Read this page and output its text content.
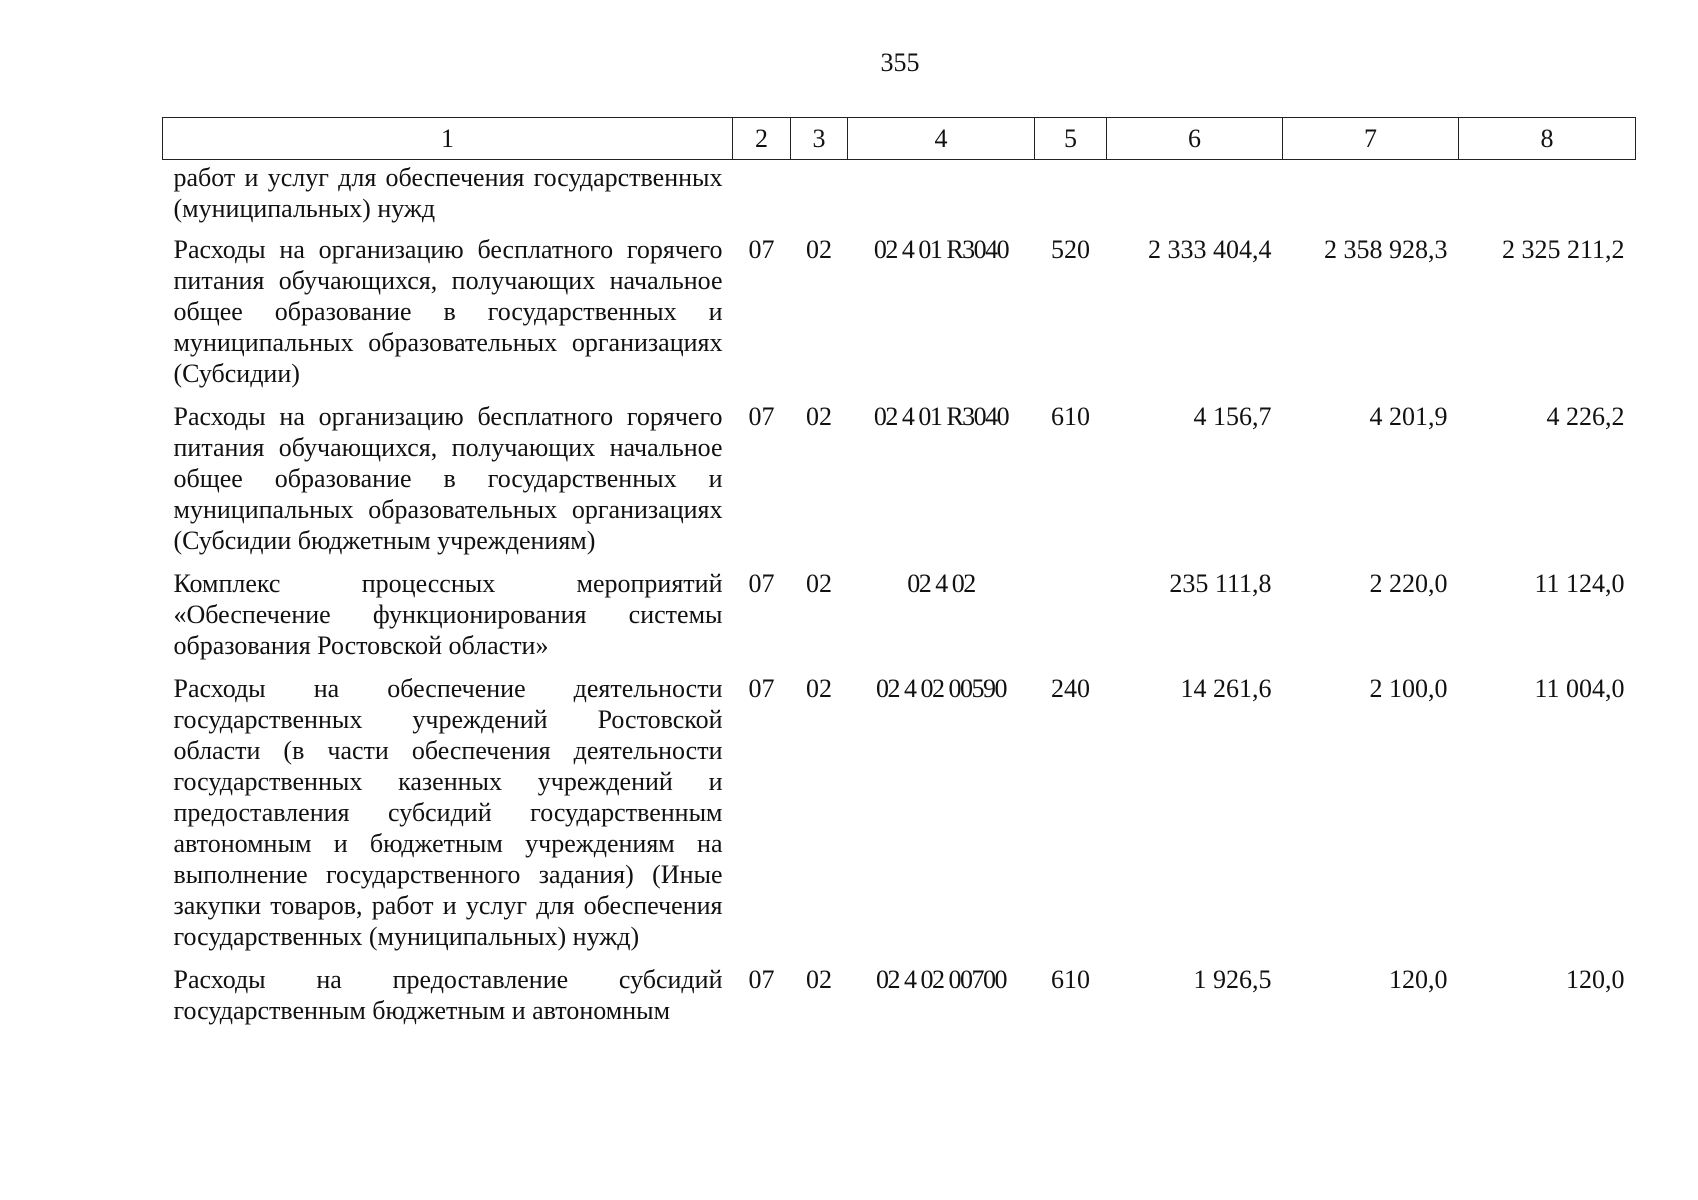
355
1	2	3	4	5	6	7	8
работ и услуг для обеспечения государственных (муниципальных) нужд							
Расходы на организацию бесплатного горячего питания обучающихся, получающих начальное общее образование в государственных и муниципальных образовательных организациях (Субсидии)	07	02	02 4 01 R3040	520	2 333 404,4	2 358 928,3	2 325 211,2
Расходы на организацию бесплатного горячего питания обучающихся, получающих начальное общее образование в государственных и муниципальных образовательных организациях (Субсидии бюджетным учреждениям)	07	02	02 4 01 R3040	610	4 156,7	4 201,9	4 226,2
Комплекс процессных мероприятий «Обеспечение функционирования системы образования Ростовской области»	07	02	02 4 02		235 111,8	2 220,0	11 124,0
Расходы на обеспечение деятельности государственных учреждений Ростовской области (в части обеспечения деятельности государственных казенных учреждений и предоставления субсидий государственным автономным и бюджетным учреждениям на выполнение государственного задания) (Иные закупки товаров, работ и услуг для обеспечения государственных (муниципальных) нужд)	07	02	02 4 02 00590	240	14 261,6	2 100,0	11 004,0
Расходы на предоставление субсидий государственным бюджетным и автономным	07	02	02 4 02 00700	610	1 926,5	120,0	120,0
